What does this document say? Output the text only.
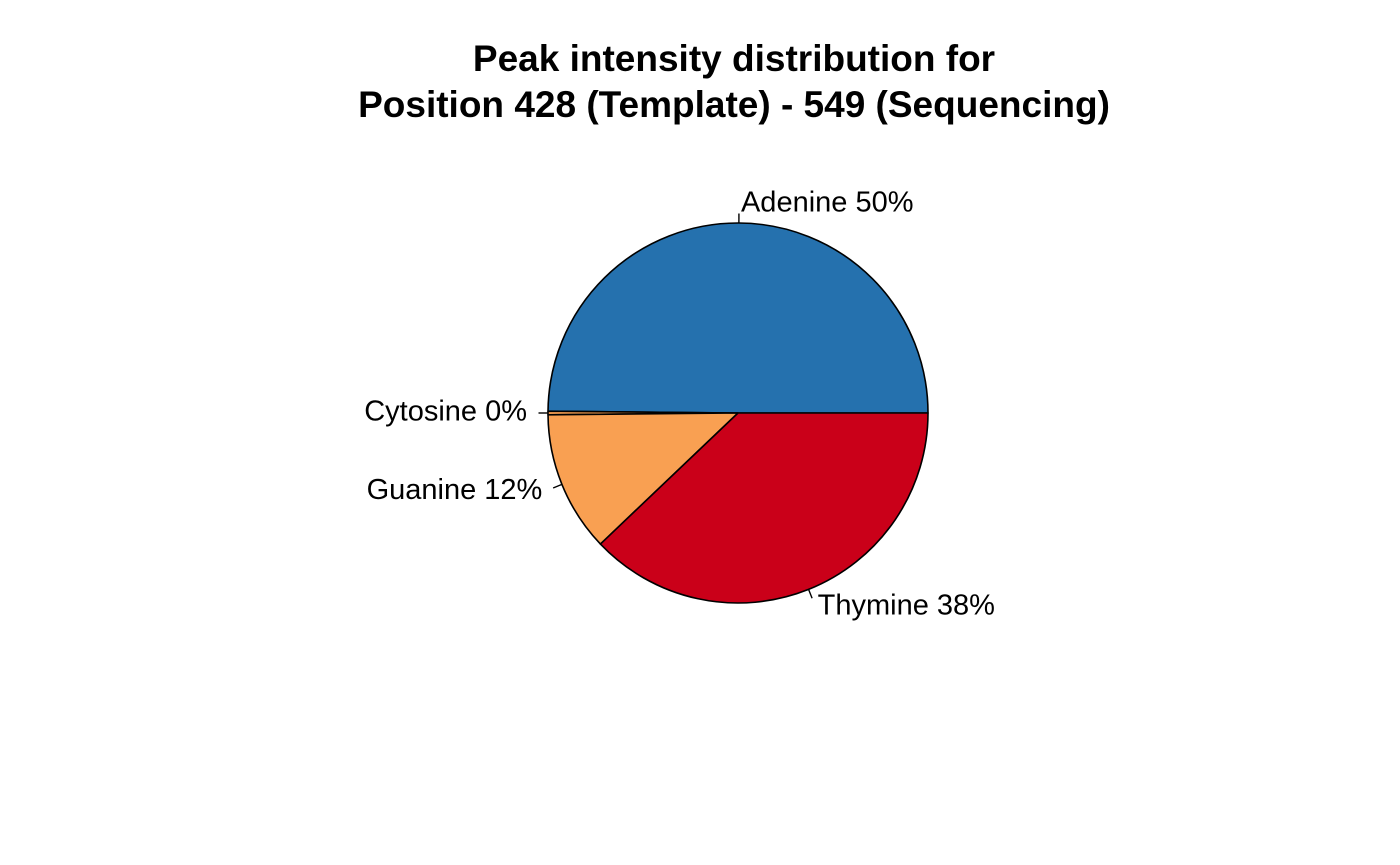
Peak intensity distribution for
Position 428 (Template) - 549 (Sequencing)
Adenine 50%
Cytosine 0%
Guanine 12%
Thymine 38%
